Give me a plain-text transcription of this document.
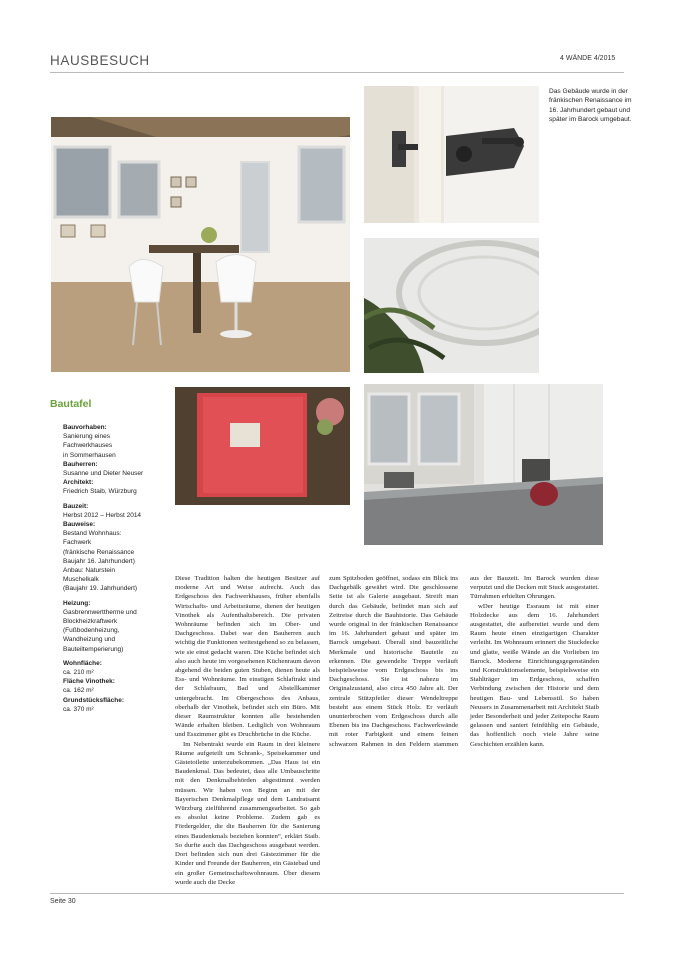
HAUSBESUCH	4 WÄNDE 4/2015
Das Gebäude wurde in der fränkischen Renaissance im 16. Jahrhundert gebaut und später im Barock umgebaut.
Bautafel
Bauvorhaben:
Sanierung eines
Fachwerkhauses
in Sommerhausen
Bauherren:
Susanne und Dieter Neuser
Architekt:
Friedrich Staib, Würzburg
Bauzeit:
Herbst 2012 – Herbst 2014
Bauweise:
Bestand Wohnhaus:
Fachwerk
(fränkische Renaissance
Baujahr 16. Jahrhundert)
Anbau: Naturstein
Muschelkalk
(Baujahr 19. Jahrhundert)
Heizung:
Gasbrennwerttherme und
Blockheizkraftwerk
(Fußbodenheizung,
Wandheizung und
Bauteiltemperierung)
Wohnfläche:
ca. 210 m²
Fläche Vinothek:
ca. 162 m²
Grundstücksfläche:
ca. 370 m²

Diese Tradition halten die heutigen Besitzer auf moderne Art und Weise aufrecht. Auch das Erdgeschoss des Fachwerkhauses, früher ebenfalls Wirtschafts- und Arbeitsräume, dienen der heutigen Vinothek als Aufenthaltsbereich. Die privaten Wohnräume befinden sich im Ober- und Dachgeschoss. Dabei war den Bauherren auch wichtig die Funktionen weitestgehend so zu belassen, wie sie einst gedacht waren. Die Küche befindet sich also auch heute im vorgesehenen Küchenraum davon abgehend die beiden guten Stuben, dienen heute als Ess- und Wohnräume. Im einstigen Schlaftrakt sind der Schlafraum, Bad und Abstellkammer untergebracht. Im Obergeschoss des Anbaus, oberhalb der Vinothek, befindet sich ein Büro. Mit dieser Raumstruktur konnten alle bestehenden Wände erhalten bleiben. Lediglich von Wohnraum und Esszimmer gibt es Druchbrüche in die Küche.

Im Nebentrakt wurde ein Raum in drei kleinere Räume aufgeteilt um Schrank-, Speisekammer und Gästetoilette unterzubekommen. „Das Haus ist ein Baudenkmal. Das bedeutet, dass alle Umbauschritte mit den Denkmalbehörden abgestimmt werden müssen. Wir haben von Beginn an mit der Bayerischen Denkmalpflege und dem Landratsamt Würzburg zielführend zusammengearbeitet. So gab es absolut keine Probleme. Zudem gab es Fördergelder, die die Bauherren für die Sanierung eines Baudenkmals beziehen konnten“, erklärt Staib. So durfte auch das Dachgeschoss ausgebaut werden. Dort befinden sich nun drei Gästezimmer für die Kinder und Freunde der Bauherren, ein Gästebad und ein großer Gemeinschaftswohnraum. Über diesem wurde auch die Decke

zum Spitzboden geöffnet, sodass ein Blick ins Dachgebälk gewährt wird. Die geschlossene Seite ist als Galerie ausgebaut. Streift man durch das Gebäude, befindet man sich auf Zeitreise durch die Bauhistorie. Das Gebäude wurde original in der fränkischen Renaissance im 16. Jahrhundert gebaut und später im Barock umgebaut. Überall sind bauzeitliche Merkmale und historische Bauteile zu erkennen. Die gewendelte Treppe verläuft beispielsweise vom Erdgeschoss bis ins Dachgeschoss. Sie ist nahezu im Originalzustand, also circa 450 Jahre alt. Der zentrale Stützpfeiler dieser Wendeltreppe besteht aus einem Stück Holz. Er verläuft ununterbrochen vom Erdgeschoss durch alle Ebenen bis ins Dachgeschoss. Fachwerkwände mit roter Farbigkeit und einem feinen schwarzen Rahmen in den Feldern stammen aus der Bauzeit. Im Barock wurden diese verputzt und die Decken mit Stuck ausgestattet. Türrahmen erhielten Ohrungen.

wDer heutige Essraum ist mit einer Holzdecke aus dem 16. Jahrhundert ausgestattet, die aufbereitet wurde und dem Raum heute einen einzigartigen Charakter verleiht. Im Wohnraum erinnert die Stuckdecke und glatte, weiße Wände an die Vorlieben im Barock. Moderne Einrichtungsgegenständen und Konstruktionselemente, beispielsweise ein Stahlträger im Erdgeschoss, schaffen Verbindung zwischen der Historie und dem heutigen Bau- und Lebensstil. So haben Neusers in Zusammenarbeit mit Architekt Staib jeder Besonderheit und jeder Zeitepoche Raum gelassen und saniert feinfühlig ein Gebäude, das hoffentlich noch viele Jahre seine Geschichten erzählen kann.

Seite 30
